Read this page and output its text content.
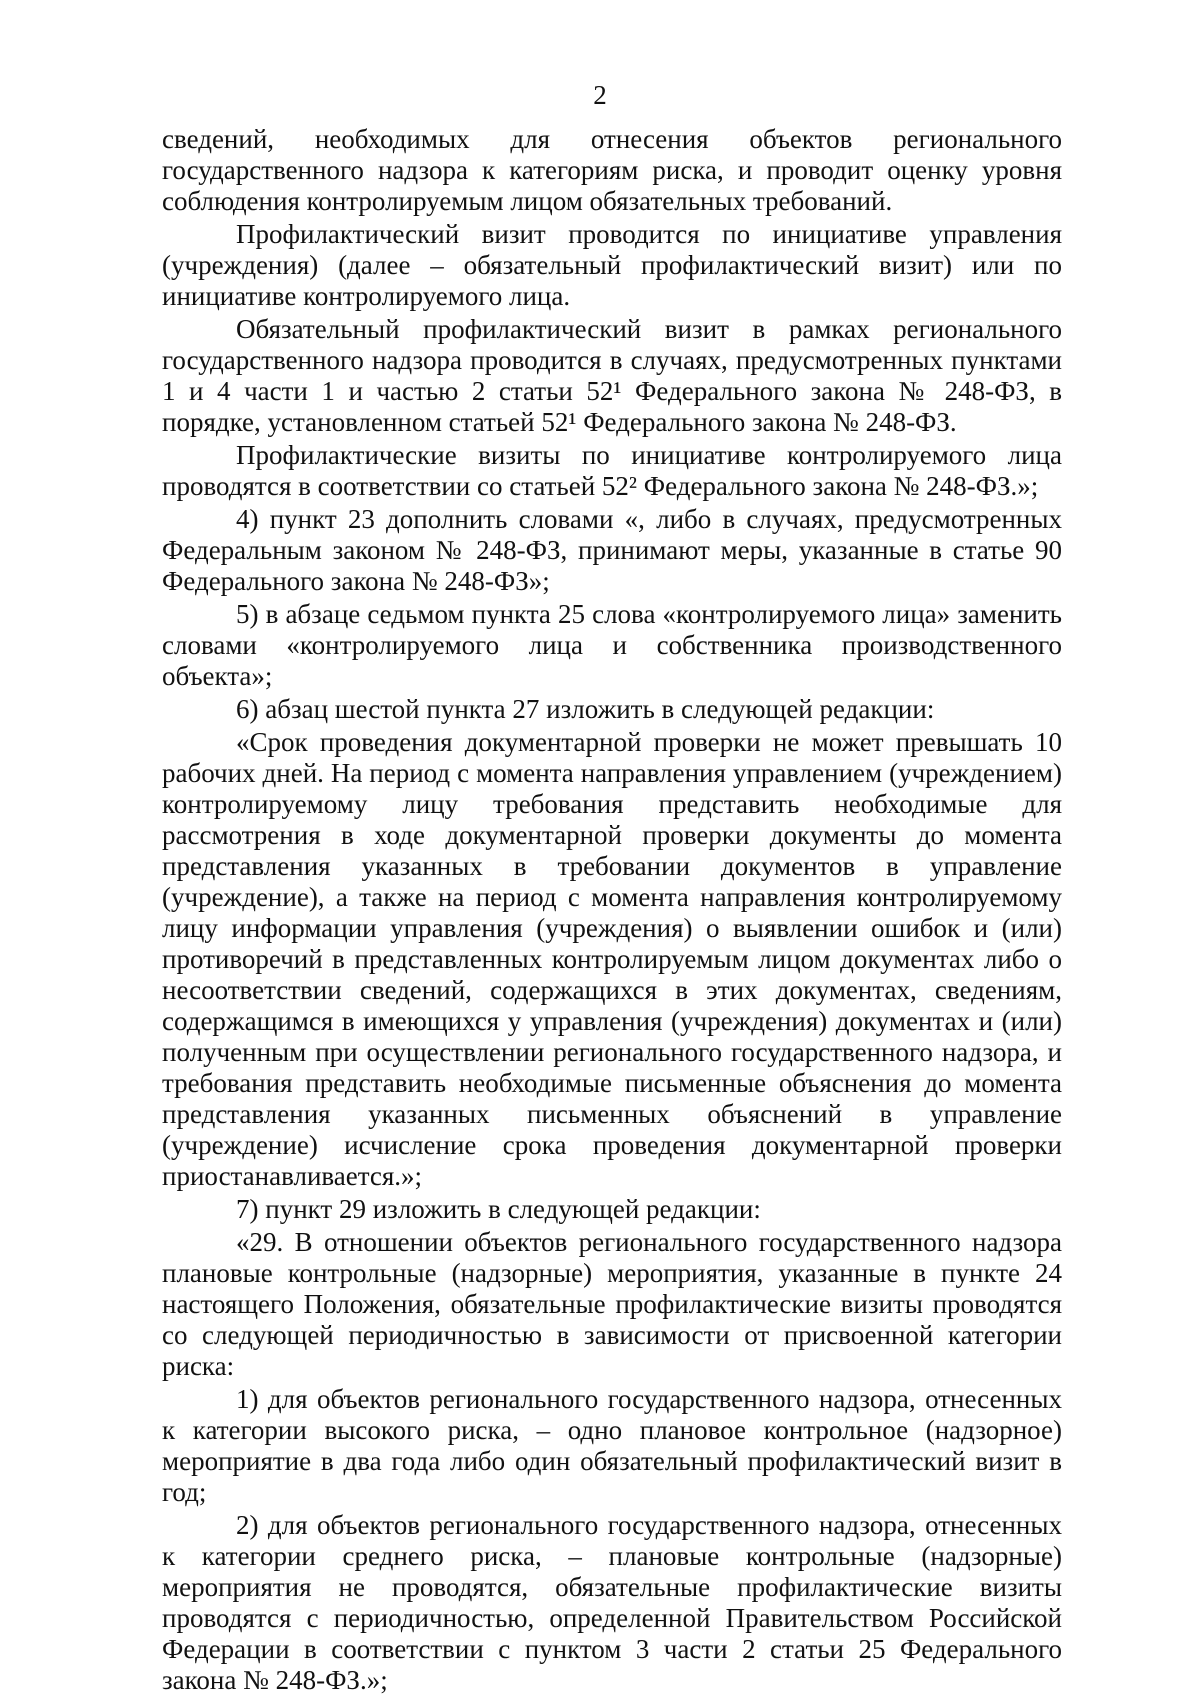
2

сведений, необходимых для отнесения объектов регионального государственного надзора к категориям риска, и проводит оценку уровня соблюдения контролируемым лицом обязательных требований.

Профилактический визит проводится по инициативе управления (учреждения) (далее – обязательный профилактический визит) или по инициативе контролируемого лица.

Обязательный профилактический визит в рамках регионального государственного надзора проводится в случаях, предусмотренных пунктами 1 и 4 части 1 и частью 2 статьи 52¹ Федерального закона № 248-ФЗ, в порядке, установленном статьей 52¹ Федерального закона № 248-ФЗ.

Профилактические визиты по инициативе контролируемого лица проводятся в соответствии со статьей 52² Федерального закона № 248-ФЗ.»;

4) пункт 23 дополнить словами «, либо в случаях, предусмотренных Федеральным законом № 248-ФЗ, принимают меры, указанные в статье 90 Федерального закона № 248-ФЗ»;

5) в абзаце седьмом пункта 25 слова «контролируемого лица» заменить словами «контролируемого лица и собственника производственного объекта»;

6) абзац шестой пункта 27 изложить в следующей редакции:

«Срок проведения документарной проверки не может превышать 10 рабочих дней. На период с момента направления управлением (учреждением) контролируемому лицу требования представить необходимые для рассмотрения в ходе документарной проверки документы до момента представления указанных в требовании документов в управление (учреждение), а также на период с момента направления контролируемому лицу информации управления (учреждения) о выявлении ошибок и (или) противоречий в представленных контролируемым лицом документах либо о несоответствии сведений, содержащихся в этих документах, сведениям, содержащимся в имеющихся у управления (учреждения) документах и (или) полученным при осуществлении регионального государственного надзора, и требования представить необходимые письменные объяснения до момента представления указанных письменных объяснений в управление (учреждение) исчисление срока проведения документарной проверки приостанавливается.»;

7) пункт 29 изложить в следующей редакции:

«29. В отношении объектов регионального государственного надзора плановые контрольные (надзорные) мероприятия, указанные в пункте 24 настоящего Положения, обязательные профилактические визиты проводятся со следующей периодичностью в зависимости от присвоенной категории риска:

1) для объектов регионального государственного надзора, отнесенных к категории высокого риска, – одно плановое контрольное (надзорное) мероприятие в два года либо один обязательный профилактический визит в год;

2) для объектов регионального государственного надзора, отнесенных к категории среднего риска, – плановые контрольные (надзорные) мероприятия не проводятся, обязательные профилактические визиты проводятся с периодичностью, определенной Правительством Российской Федерации в соответствии с пунктом 3 части 2 статьи 25 Федерального закона № 248-ФЗ.»;
